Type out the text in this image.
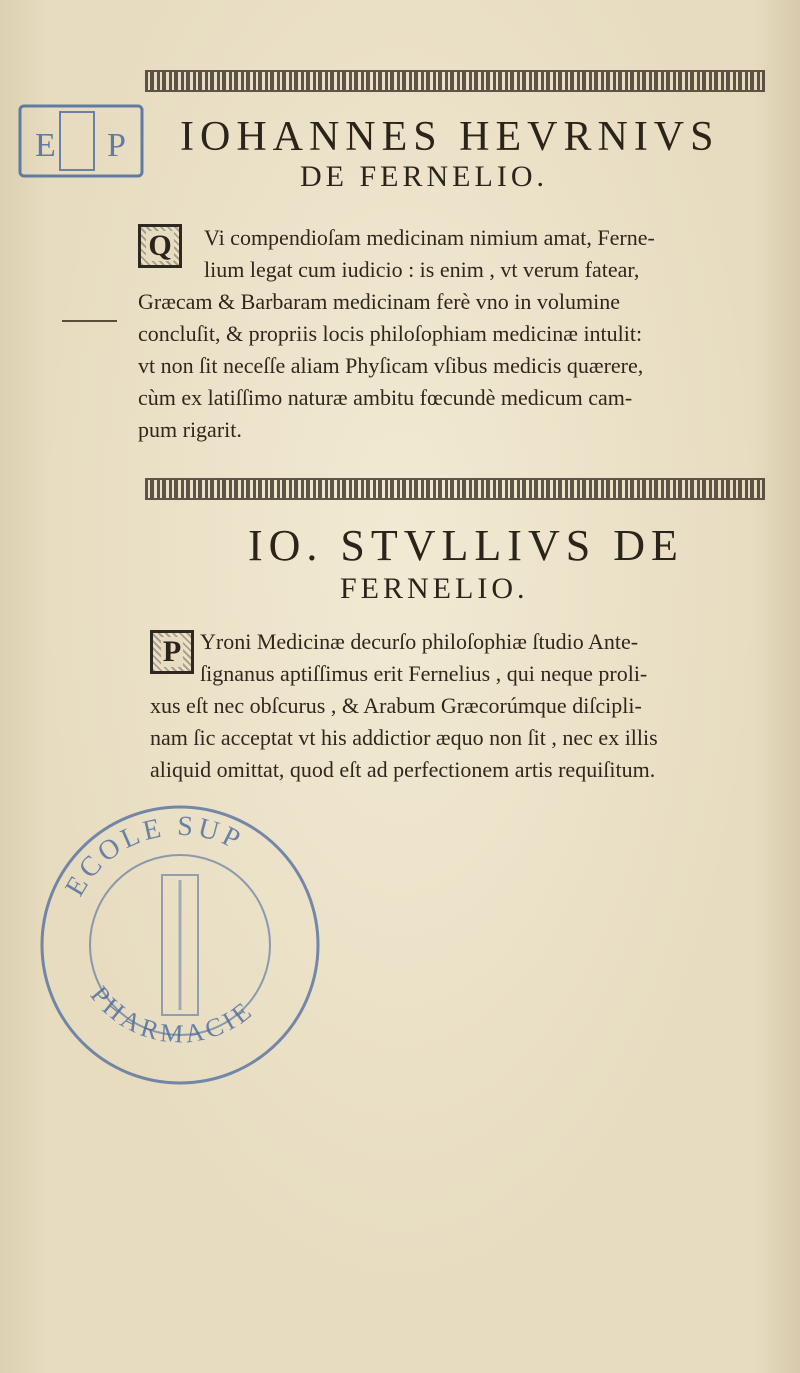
E P IOHANNES HEVRNIVS
DE FERNELIO.
Q	Vi compendioſam medicinam nimium amat, Ferne-
lium legat cum iudicio : is enim , vt verum fatear,
Græcam & Barbaram medicinam ferè vno in volumine
concluſit, & propriis locis philoſophiam medicinæ intulit:
vt non ſit neceſſe aliam Phyſicam vſibus medicis quærere,
cùm ex latiſſimo naturæ ambitu fœcundè medicum cam-
pum rigarit.
IO. STVLLIVS DE
FERNELIO.
P Yroni Medicinæ decurſo philoſophiæ ſtudio Ante-
ſignanus aptiſſimus erit Fernelius , qui neque proli-
xus eſt nec obſcurus , & Arabum Græcorúmque diſcipli-
nam ſic acceptat vt his addictior æquo non ſit , nec ex illis
aliquid omittat, quod eſt ad perfectionem artis requiſitum.
ECOLE SUP
PHARMACIE
